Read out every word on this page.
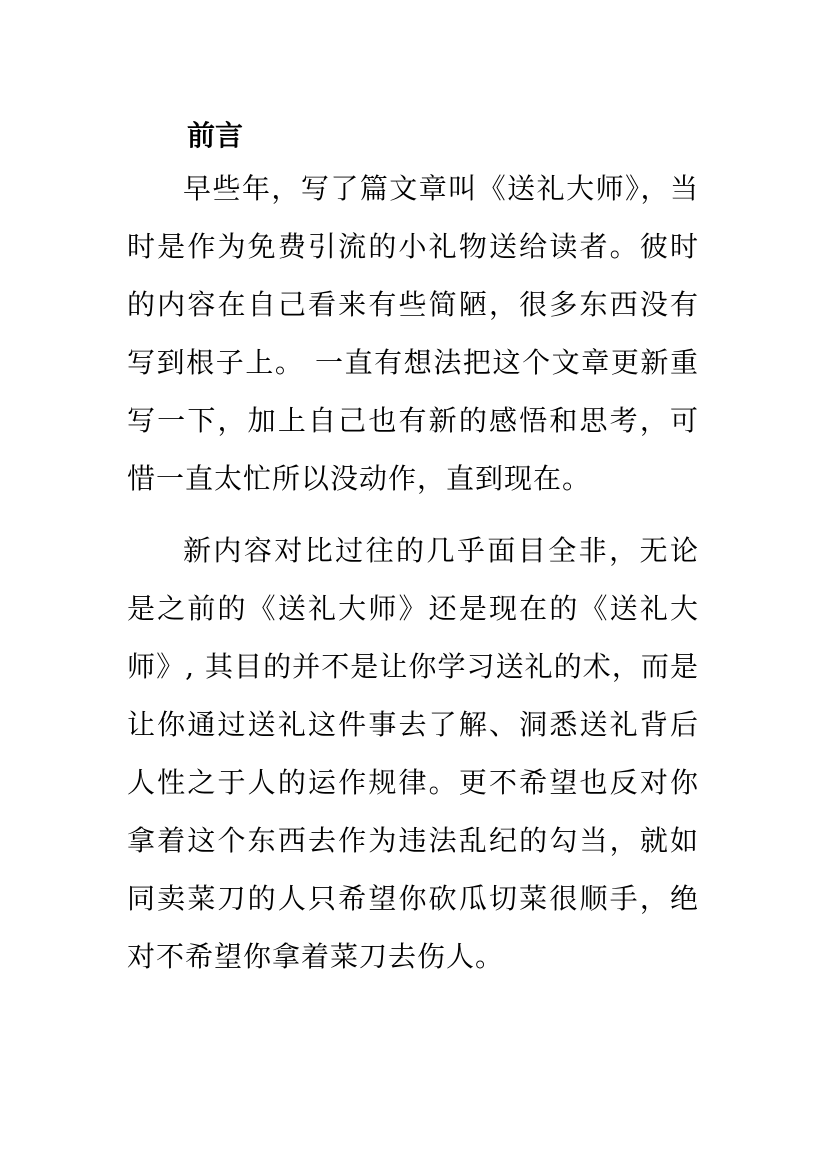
前言

早些年，写了篇文章叫《送礼大师》，当时是作为免费引流的小礼物送给读者。彼时的内容在自己看来有些简陋，很多东西没有写到根子上。 一直有想法把这个文章更新重写一下，加上自己也有新的感悟和思考，可惜一直太忙所以没动作，直到现在。

新内容对比过往的几乎面目全非，无论是之前的《送礼大师》还是现在的《送礼大师》, 其目的并不是让你学习送礼的术，而是让你通过送礼这件事去了解、洞悉送礼背后人性之于人的运作规律。更不希望也反对你拿着这个东西去作为违法乱纪的勾当，就如同卖菜刀的人只希望你砍瓜切菜很顺手，绝对不希望你拿着菜刀去伤人。
